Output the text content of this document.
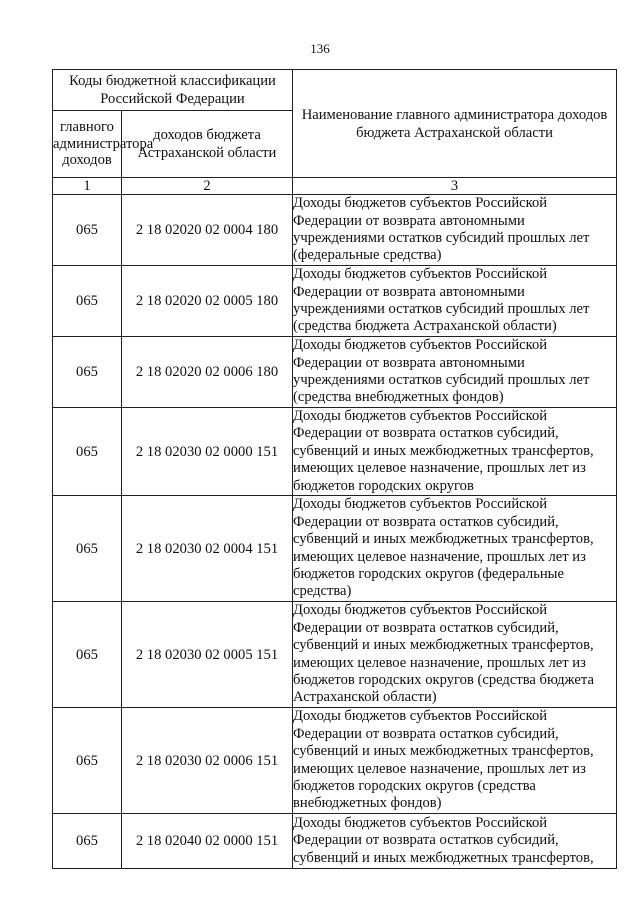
136
Коды бюджетной классификации Российской Федерации		Наименование главного администратора доходов бюджета Астраханской области
главного администратора доходов	доходов бюджета Астраханской области	
1	2	3
065	2 18 02020 02 0004 180	Доходы бюджетов субъектов Российской Федерации от возврата автономными учреждениями остатков субсидий прошлых лет (федеральные средства)
065	2 18 02020 02 0005 180	Доходы бюджетов субъектов Российской Федерации от возврата автономными учреждениями остатков субсидий прошлых лет (средства бюджета Астраханской области)
065	2 18 02020 02 0006 180	Доходы бюджетов субъектов Российской Федерации от возврата автономными учреждениями остатков субсидий прошлых лет (средства внебюджетных фондов)
065	2 18 02030 02 0000 151	Доходы бюджетов субъектов Российской Федерации от возврата остатков субсидий, субвенций и иных межбюджетных трансфертов, имеющих целевое назначение, прошлых лет из бюджетов городских округов
065	2 18 02030 02 0004 151	Доходы бюджетов субъектов Российской Федерации от возврата остатков субсидий, субвенций и иных межбюджетных трансфертов, имеющих целевое назначение, прошлых лет из бюджетов городских округов (федеральные средства)
065	2 18 02030 02 0005 151	Доходы бюджетов субъектов Российской Федерации от возврата остатков субсидий, субвенций и иных межбюджетных трансфертов, имеющих целевое назначение, прошлых лет из бюджетов городских округов (средства бюджета Астраханской области)
065	2 18 02030 02 0006 151	Доходы бюджетов субъектов Российской Федерации от возврата остатков субсидий, субвенций и иных межбюджетных трансфертов, имеющих целевое назначение, прошлых лет из бюджетов городских округов (средства внебюджетных фондов)
065	2 18 02040 02 0000 151	Доходы бюджетов субъектов Российской Федерации от возврата остатков субсидий, субвенций и иных межбюджетных трансфертов,
